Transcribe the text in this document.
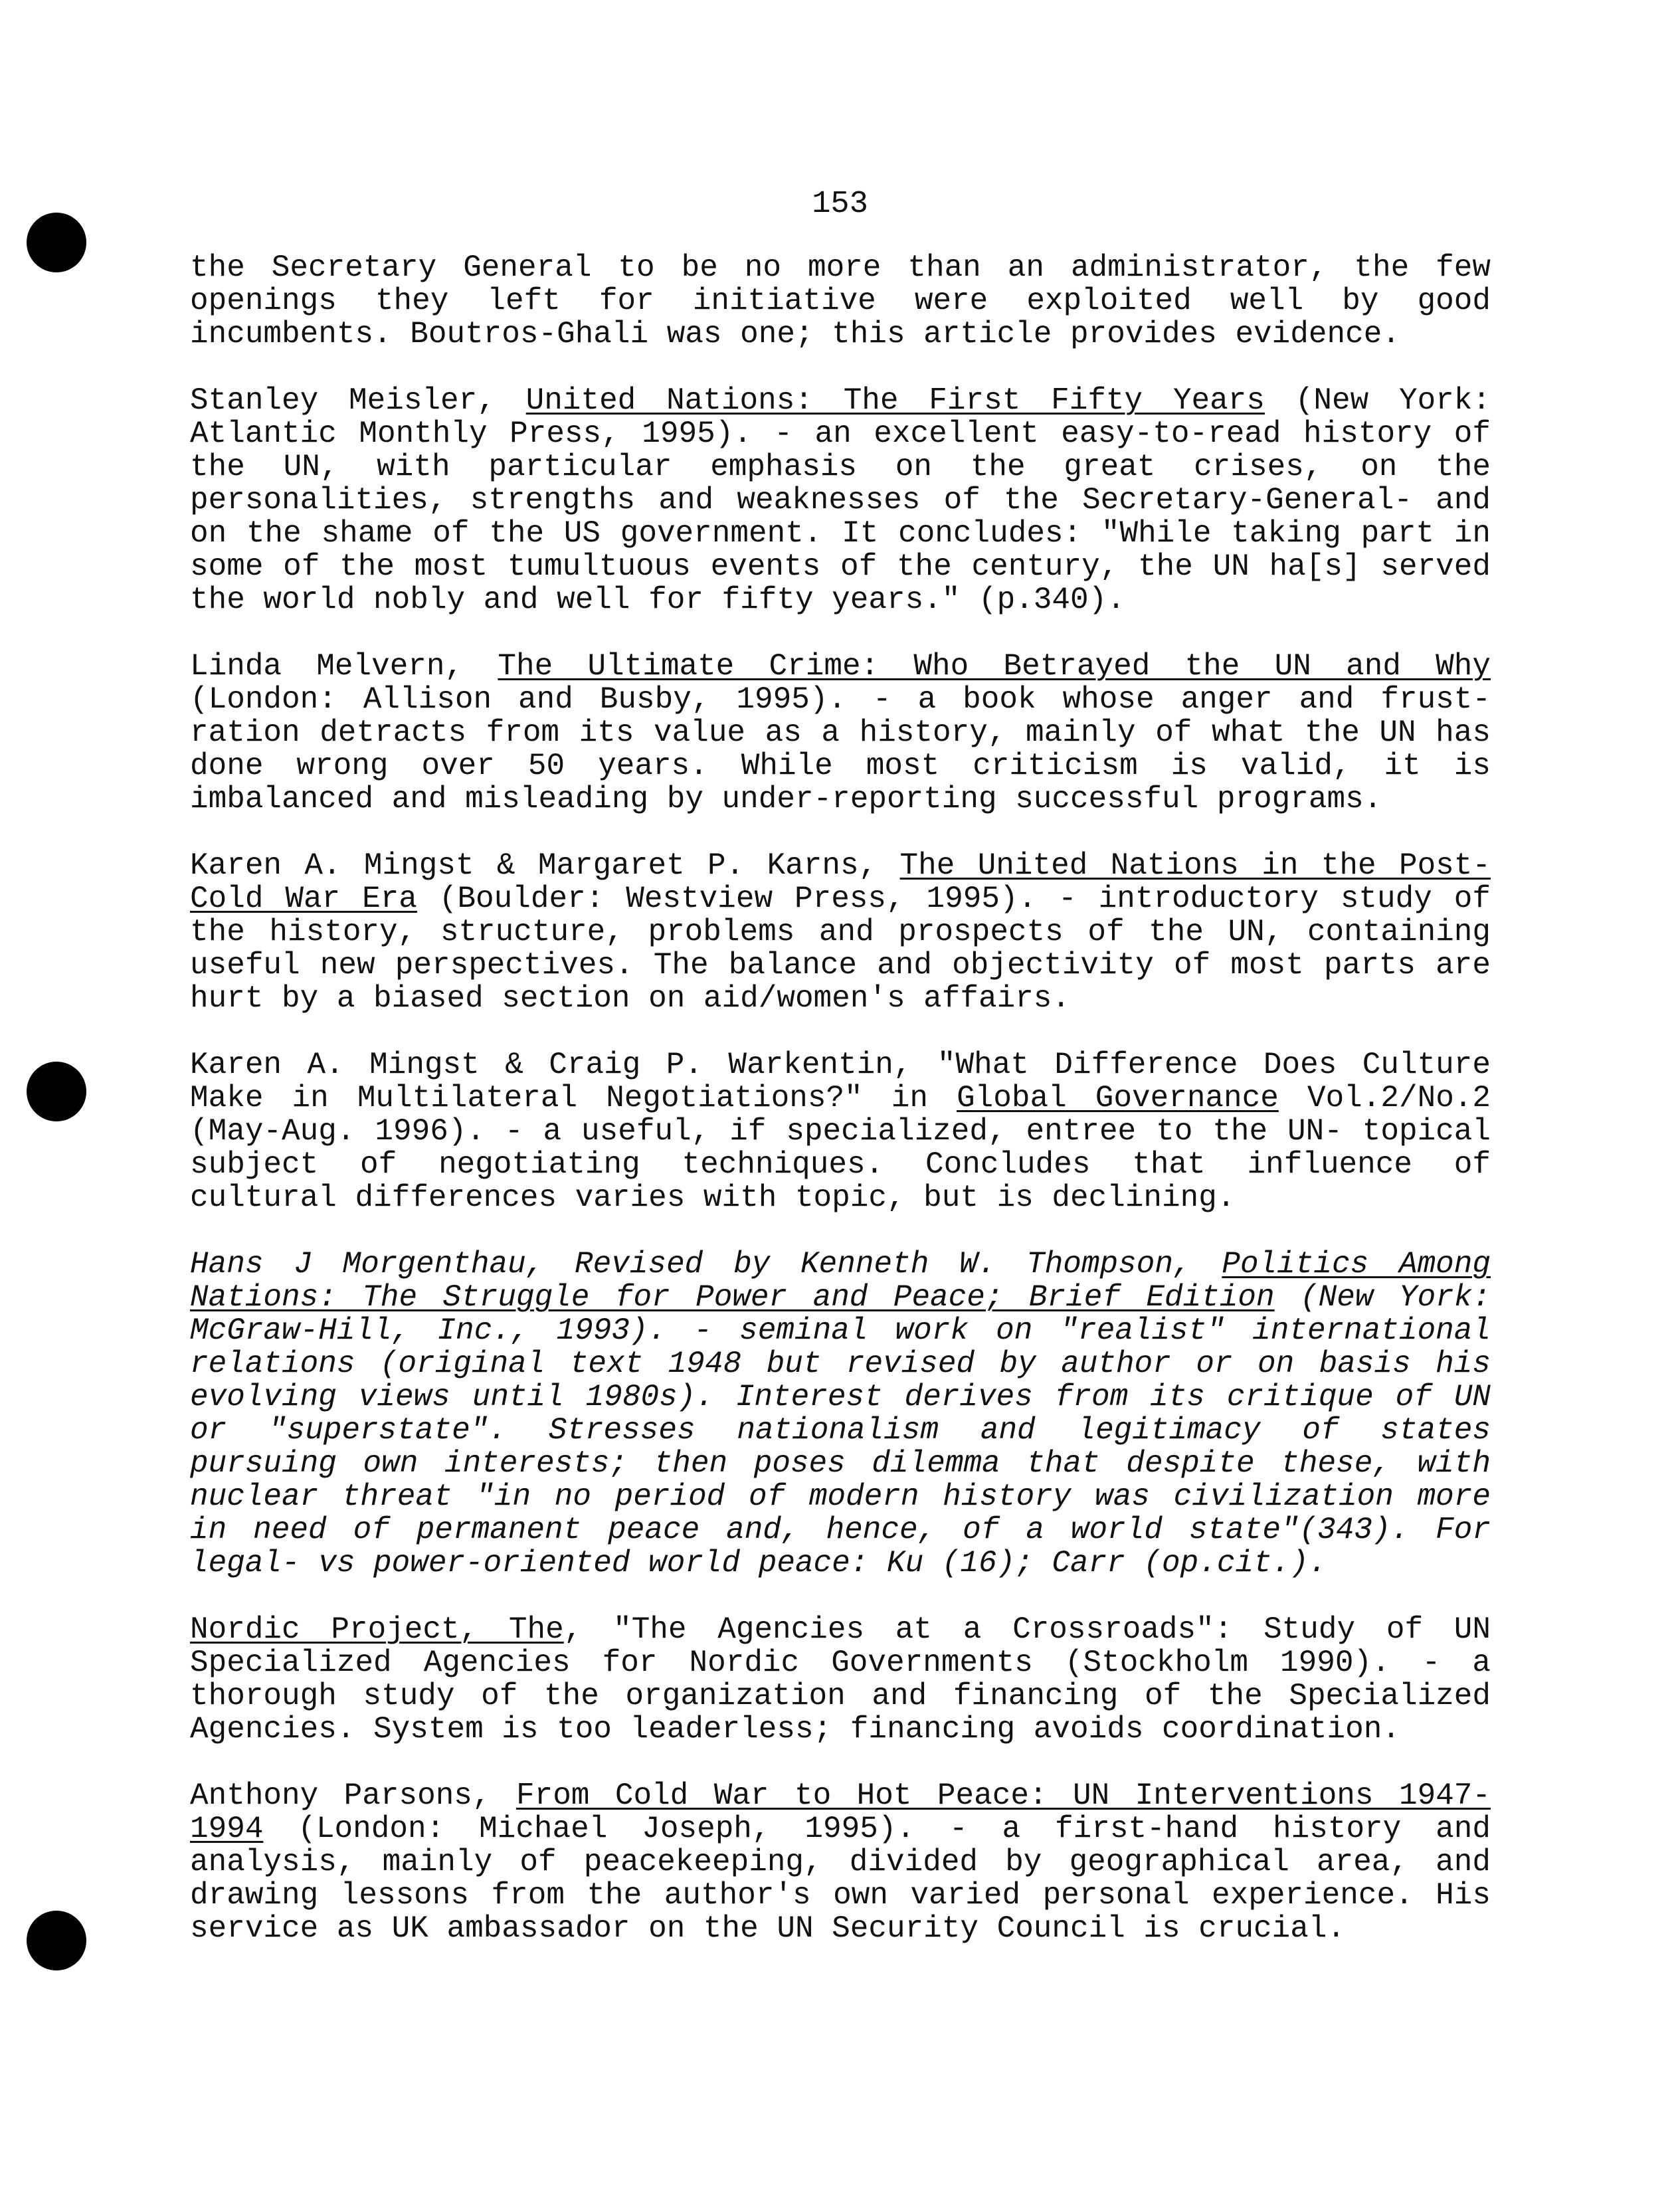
153

the Secretary General to be no more than an administrator, the few openings they left for initiative were exploited well by good incumbents. Boutros-Ghali was one; this article provides evidence.

Stanley Meisler, United Nations: The First Fifty Years (New York: Atlantic Monthly Press, 1995). - an excellent easy-to-read history of the UN, with particular emphasis on the great crises, on the personalities, strengths and weaknesses of the Secretary-General- and on the shame of the US government. It concludes: "While taking part in some of the most tumultuous events of the century, the UN ha[s] served the world nobly and well for fifty years." (p.340).

Linda Melvern, The Ultimate Crime: Who Betrayed the UN and Why (London: Allison and Busby, 1995). - a book whose anger and frust- ration detracts from its value as a history, mainly of what the UN has done wrong over 50 years. While most criticism is valid, it is imbalanced and misleading by under-reporting successful programs.

Karen A. Mingst & Margaret P. Karns, The United Nations in the Post-Cold War Era (Boulder: Westview Press, 1995). - introductory study of the history, structure, problems and prospects of the UN, containing useful new perspectives. The balance and objectivity of most parts are hurt by a biased section on aid/women's affairs.

Karen A. Mingst & Craig P. Warkentin, "What Difference Does Culture Make in Multilateral Negotiations?" in Global Governance Vol.2/No.2 (May-Aug. 1996). - a useful, if specialized, entree to the UN- topical subject of negotiating techniques. Concludes that influence of cultural differences varies with topic, but is declining.

Hans J Morgenthau, Revised by Kenneth W. Thompson, Politics Among Nations: The Struggle for Power and Peace; Brief Edition (New York: McGraw-Hill, Inc., 1993). - seminal work on "realist" international relations (original text 1948 but revised by author or on basis his evolving views until 1980s). Interest derives from its critique of UN or "superstate". Stresses nationalism and legitimacy of states pursuing own interests; then poses dilemma that despite these, with nuclear threat "in no period of modern history was civilization more in need of permanent peace and, hence, of a world state"(343). For legal- vs power-oriented world peace: Ku (16); Carr (op.cit.).

Nordic Project, The, "The Agencies at a Crossroads": Study of UN Specialized Agencies for Nordic Governments (Stockholm 1990). - a thorough study of the organization and financing of the Specialized Agencies. System is too leaderless; financing avoids coordination.

Anthony Parsons, From Cold War to Hot Peace: UN Interventions 1947-1994 (London: Michael Joseph, 1995). - a first-hand history and analysis, mainly of peacekeeping, divided by geographical area, and drawing lessons from the author's own varied personal experience. His service as UK ambassador on the UN Security Council is crucial.
